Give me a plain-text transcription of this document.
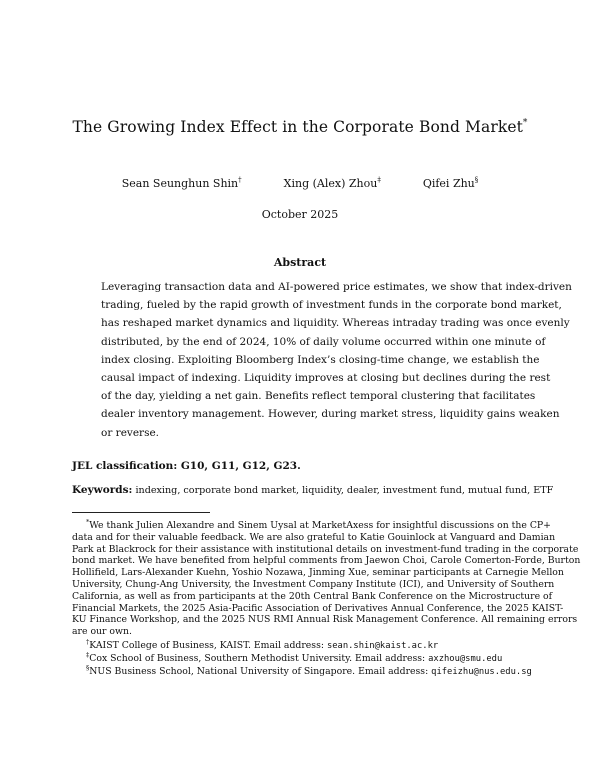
The Growing Index Effect in the Corporate Bond Market*
Sean Seunghun Shin†	Xing (Alex) Zhou‡	Qifei Zhu§
October 2025
Abstract
Leveraging transaction data and AI-powered price estimates, we show that index-driven
trading, fueled by the rapid growth of investment funds in the corporate bond market,
has reshaped market dynamics and liquidity. Whereas intraday trading was once evenly
distributed, by the end of 2024, 10% of daily volume occurred within one minute of
index closing. Exploiting Bloomberg Index’s closing-time change, we establish the
causal impact of indexing. Liquidity improves at closing but declines during the rest
of the day, yielding a net gain. Benefits reflect temporal clustering that facilitates
dealer inventory management. However, during market stress, liquidity gains weaken
or reverse.
JEL classification: G10, G11, G12, G23.
Keywords: indexing, corporate bond market, liquidity, dealer, investment fund, mutual fund, ETF
*We thank Julien Alexandre and Sinem Uysal at MarketAxess for insightful discussions on the CP+
data and for their valuable feedback. We are also grateful to Katie Gouinlock at Vanguard and Damian
Park at Blackrock for their assistance with institutional details on investment-fund trading in the corporate
bond market. We have benefited from helpful comments from Jaewon Choi, Carole Comerton-Forde, Burton
Hollifield, Lars-Alexander Kuehn, Yoshio Nozawa, Jinming Xue, seminar participants at Carnegie Mellon
University, Chung-Ang University, the Investment Company Institute (ICI), and University of Southern
California, as well as from participants at the 20th Central Bank Conference on the Microstructure of
Financial Markets, the 2025 Asia-Pacific Association of Derivatives Annual Conference, the 2025 KAIST-
KU Finance Workshop, and the 2025 NUS RMI Annual Risk Management Conference. All remaining errors
are our own.
†KAIST College of Business, KAIST. Email address: sean.shin@kaist.ac.kr
‡Cox School of Business, Southern Methodist University. Email address: axzhou@smu.edu
§NUS Business School, National University of Singapore. Email address: qifeizhu@nus.edu.sg
